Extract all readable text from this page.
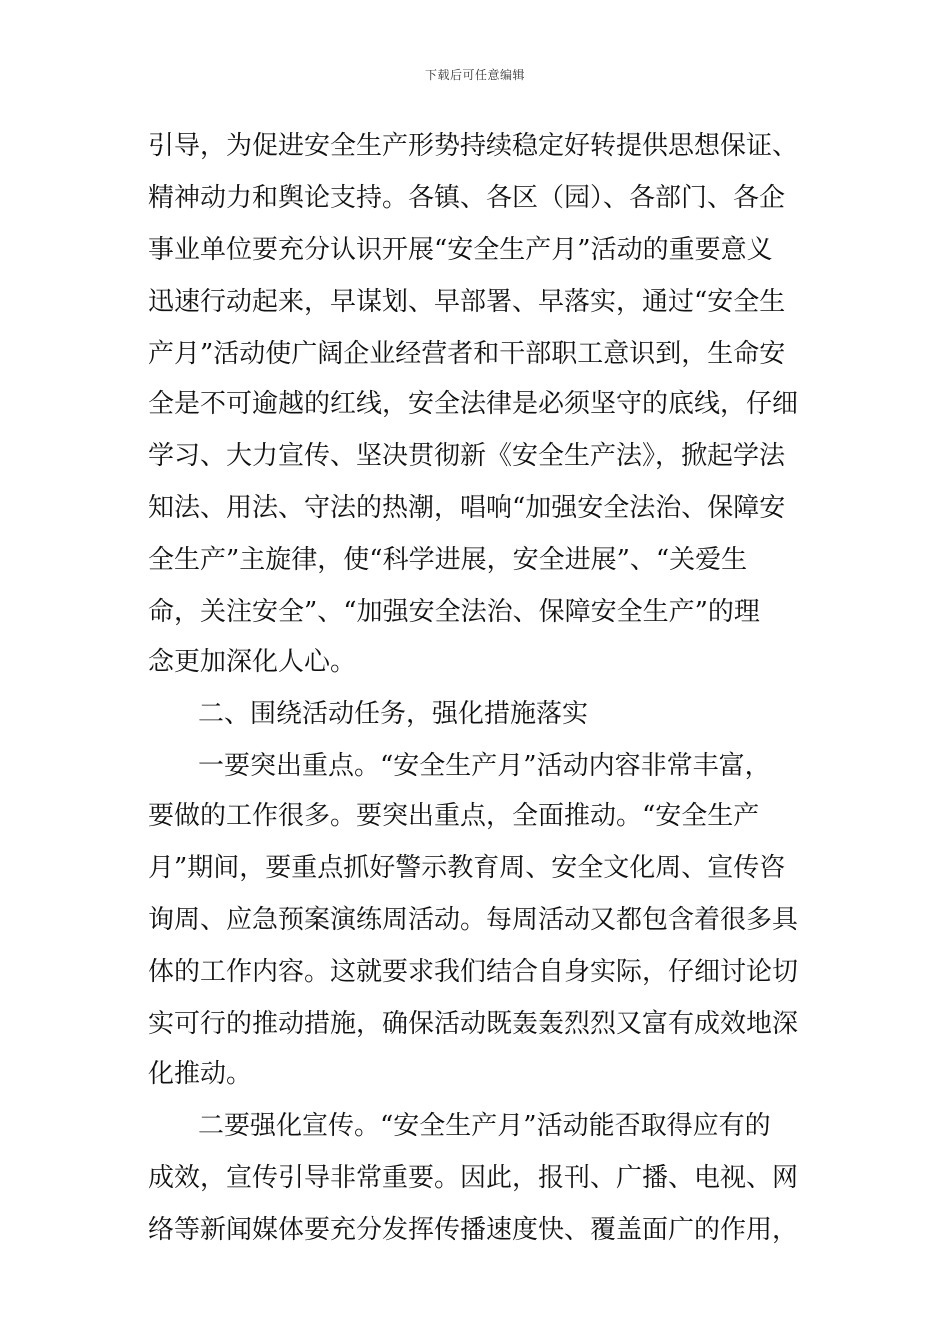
下载后可任意编辑
引导，为促进安全生产形势持续稳定好转提供思想保证、
精神动力和舆论支持。各镇、各区（园）、各部门、各企
事业单位要充分认识开展“安全生产月”活动的重要意义
迅速行动起来，早谋划、早部署、早落实，通过“安全生
产月”活动使广阔企业经营者和干部职工意识到，生命安
全是不可逾越的红线，安全法律是必须坚守的底线，仔细
学习、大力宣传、坚决贯彻新《安全生产法》，掀起学法
知法、用法、守法的热潮，唱响“加强安全法治、保障安
全生产”主旋律，使“科学进展，安全进展”、“关爱生
命，关注安全”、“加强安全法治、保障安全生产”的理
念更加深化人心。
二、围绕活动任务，强化措施落实
一要突出重点。“安全生产月”活动内容非常丰富，
要做的工作很多。要突出重点，全面推动。“安全生产
月”期间，要重点抓好警示教育周、安全文化周、宣传咨
询周、应急预案演练周活动。每周活动又都包含着很多具
体的工作内容。这就要求我们结合自身实际，仔细讨论切
实可行的推动措施，确保活动既轰轰烈烈又富有成效地深
化推动。
二要强化宣传。“安全生产月”活动能否取得应有的
成效，宣传引导非常重要。因此，报刊、广播、电视、网
络等新闻媒体要充分发挥传播速度快、覆盖面广的作用，
